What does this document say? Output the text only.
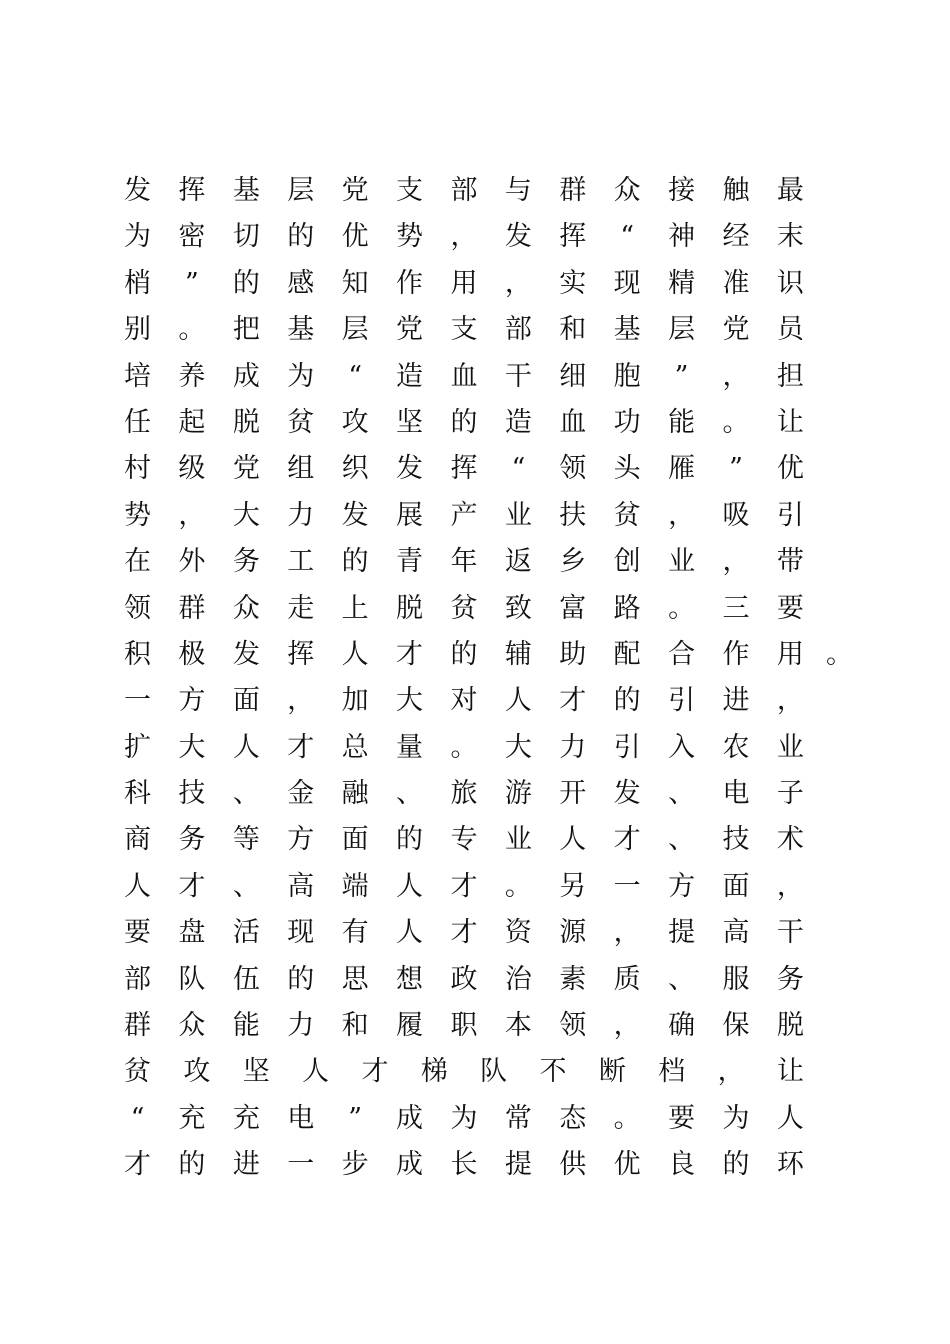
发 挥 基 层 党 支 部 与 群 众 接 触 最
为 密 切 的 优 势 ， 发 挥 “ 神 经 末
梢 ” 的 感 知 作 用 ， 实 现 精 准 识
别 。 把 基 层 党 支 部 和 基 层 党 员
培 养 成 为 “ 造 血 干 细 胞 ” ， 担
任 起 脱 贫 攻 坚 的 造 血 功 能 。 让
村 级 党 组 织 发 挥 “ 领 头 雁 ” 优
势 ， 大 力 发 展 产 业 扶 贫 ， 吸 引
在 外 务 工 的 青 年 返 乡 创 业 ， 带
领 群 众 走 上 脱 贫 致 富 路 。 三 要
积 极 发 挥 人 才 的 辅 助 配 合 作 用
一 方 面 ， 加 大 对 人 才 的 引 进 ，
扩 大 人 才 总 量 。 大 力 引 入 农 业
科 技 、 金 融 、 旅 游 开 发 、 电 子
商 务 等 方 面 的 专 业 人 才 、 技 术
人 才 、 高 端 人 才 。 另 一 方 面 ，
要 盘 活 现 有 人 才 资 源 ， 提 高 干
部 队 伍 的 思 想 政 治 素 质 、 服 务
群 众 能 力 和 履 职 本 领 ， 确 保 脱
贫 攻 坚 人 才 梯 队 不 断 档 ， 让
“ 充 充 电 ” 成 为 常 态 。 要 为 人
才 的 进 一 步 成 长 提 供 优 良 的 环
。
